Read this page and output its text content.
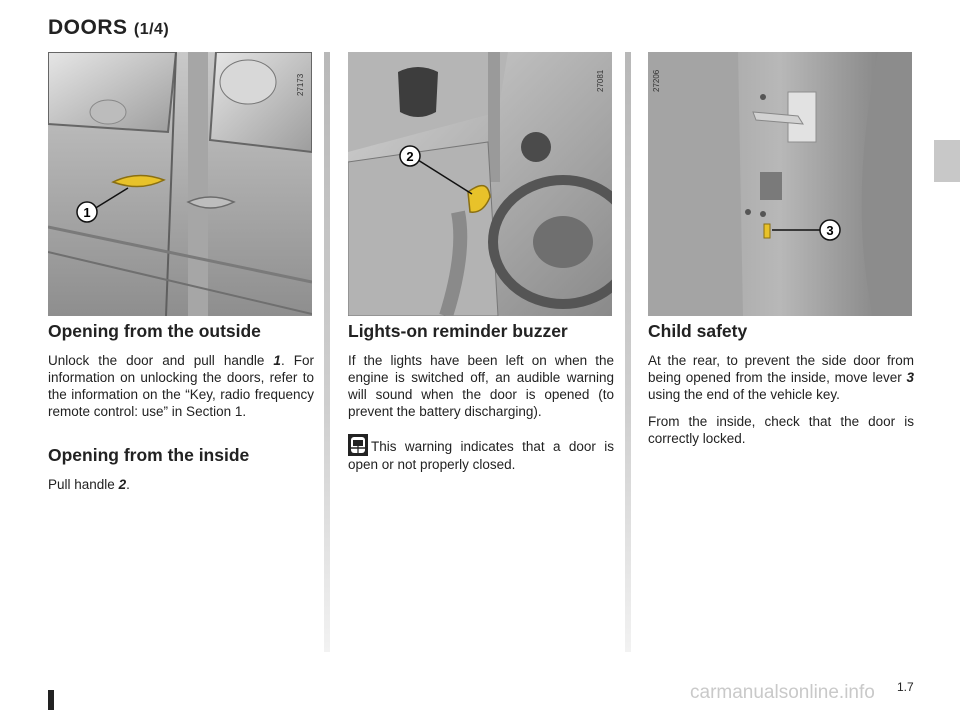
DOORS (1/4)
1
27173
2
27081
3
27206
Opening from the outside

Unlock the door and pull handle 1. For information on unlocking the doors, refer to the information on the “Key, radio frequency remote control: use” in Section 1.

Opening from the inside

Pull handle 2.

Lights-on reminder buzzer

If the lights have been left on when the engine is switched off, an audible warning will sound when the door is opened (to prevent the battery discharging).

This warning indicates that a door is open or not properly closed.

Child safety

At the rear, to prevent the side door from being opened from the inside, move lever 3 using the end of the vehicle key.

From the inside, check that the door is correctly locked.

1.7
carmanualsonline.info
